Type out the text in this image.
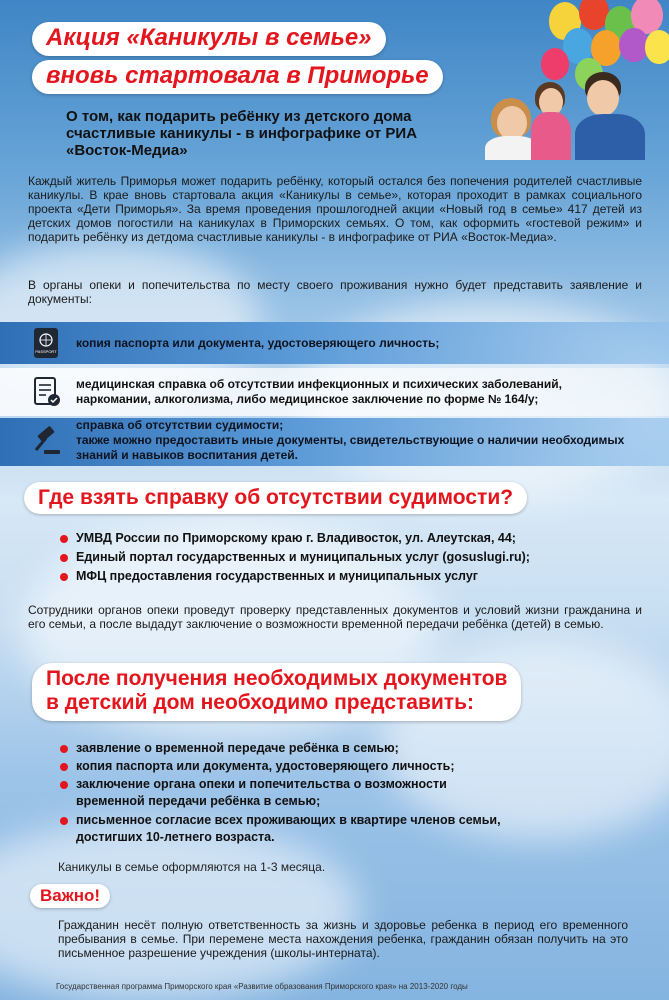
Акция «Каникулы в семье»
вновь стартовала в Приморье
О том, как подарить ребёнку из детского дома счастливые каникулы - в инфографике от РИА «Восток-Медиа»
Каждый житель Приморья может подарить ребёнку, который остался без попечения родителей счастливые каникулы. В крае вновь стартовала акция «Каникулы в семье», которая проходит в рамках социального проекта «Дети Приморья». За время проведения прошлогодней акции «Новый год в семье» 417 детей из детских домов погостили на каникулах в Приморских семьях. О том, как оформить «гостевой режим» и подарить ребёнку из детдома счастливые каникулы - в инфографике от РИА «Восток-Медиа».
В органы опеки и попечительства по месту своего проживания нужно будет представить заявление и документы:
PASSPORT
копия паспорта или документа, удостоверяющего личность;
медицинская справка об отсутствии инфекционных и психических заболеваний, наркомании, алкоголизма, либо медицинское заключение по форме № 164/у;
справка об отсутствии судимости;
также можно предоставить иные документы, свидетельствующие о наличии необходимых знаний и навыков воспитания детей.
Где взять справку об отсутствии судимости?
УМВД России по Приморскому краю г. Владивосток, ул. Алеутская, 44;
Единый портал государственных и муниципальных услуг (gosuslugi.ru);
МФЦ предоставления государственных и муниципальных услуг
Сотрудники органов опеки проведут проверку представленных документов и условий жизни гражданина и его семьи, а после выдадут заключение о возможности временной передачи ребёнка (детей) в семью.
После получения необходимых документов
в детский дом необходимо представить:
заявление о временной передаче ребёнка в семью;
копия паспорта или документа, удостоверяющего личность;
заключение органа опеки и попечительства о возможности
временной передачи ребёнка в семью;
письменное согласие всех проживающих в квартире членов семьи,
достигших 10-летнего возраста.
Каникулы в семье оформляются на 1-3 месяца.
Важно!
Гражданин несёт полную ответственность за жизнь и здоровье ребенка в период его временного пребывания в семье. При перемене места нахождения ребенка, гражданин обязан получить на это письменное разрешение учреждения (школы-интерната).
Государственная программа Приморского края «Развитие образования Приморского края» на 2013-2020 годы
